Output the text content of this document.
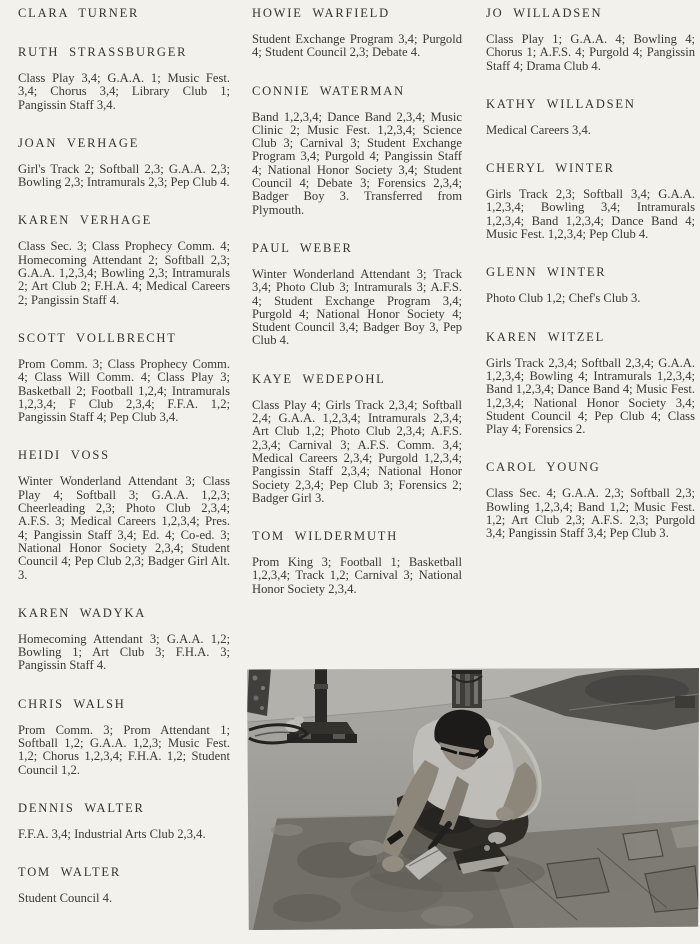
CLARA TURNER

RUTH STRASSBURGER

Class Play 3,4; G.A.A. 1; Music Fest. 3,4; Chorus 3,4; Library Club 1; Pangissin Staff 3,4.

JOAN VERHAGE

Girl's Track 2; Softball 2,3; G.A.A. 2,3; Bowling 2,3; Intramurals 2,3; Pep Club 4.

KAREN VERHAGE

Class Sec. 3; Class Prophecy Comm. 4; Homecoming Attendant 2; Softball 2,3; G.A.A. 1,2,3,4; Bowling 2,3; Intramurals 2; Art Club 2; F.H.A. 4; Medical Careers 2; Pangissin Staff 4.

SCOTT VOLLBRECHT

Prom Comm. 3; Class Prophecy Comm. 4; Class Will Comm. 4; Class Play 3; Basketball 2; Football 1,2,4; Intramurals 1,2,3,4; F Club 2,3,4; F.F.A. 1,2; Pangissin Staff 4; Pep Club 3,4.

HEIDI VOSS

Winter Wonderland Attendant 3; Class Play 4; Softball 3; G.A.A. 1,2,3; Cheerleading 2,3; Photo Club 2,3,4; A.F.S. 3; Medical Careers 1,2,3,4; Pres. 4; Pangissin Staff 3,4; Ed. 4; Co-ed. 3; National Honor Society 2,3,4; Student Council 4; Pep Club 2,3; Badger Girl Alt. 3.

KAREN WADYKA

Homecoming Attendant 3; G.A.A. 1,2; Bowling 1; Art Club 3; F.H.A. 3; Pangissin Staff 4.

CHRIS WALSH

Prom Comm. 3; Prom Attendant 1; Softball 1,2; G.A.A. 1,2,3; Music Fest. 1,2; Chorus 1,2,3,4; F.H.A. 1,2; Student Council 1,2.

DENNIS WALTER

F.F.A. 3,4; Industrial Arts Club 2,3,4.

TOM WALTER

Student Council 4.

HOWIE WARFIELD

Student Exchange Program 3,4; Purgold 4; Student Council 2,3; Debate 4.

CONNIE WATERMAN

Band 1,2,3,4; Dance Band 2,3,4; Music Clinic 2; Music Fest. 1,2,3,4; Science Club 3; Carnival 3; Student Exchange Program 3,4; Purgold 4; Pangissin Staff 4; National Honor Society 3,4; Student Council 4; Debate 3; Forensics 2,3,4; Badger Boy 3. Transferred from Plymouth.

PAUL WEBER

Winter Wonderland Attendant 3; Track 3,4; Photo Club 3; Intramurals 3; A.F.S. 4; Student Exchange Program 3,4; Purgold 4; National Honor Society 4; Student Council 3,4; Badger Boy 3, Pep Club 4.

KAYE WEDEPOHL

Class Play 4; Girls Track 2,3,4; Softball 2,4; G.A.A. 1,2,3,4; Intramurals 2,3,4; Art Club 1,2; Photo Club 2,3,4; A.F.S. 2,3,4; Carnival 3; A.F.S. Comm. 3,4; Medical Careers 2,3,4; Purgold 1,2,3,4; Pangissin Staff 2,3,4; National Honor Society 2,3,4; Pep Club 3; Forensics 2; Badger Girl 3.

TOM WILDERMUTH

Prom King 3; Football 1; Basketball 1,2,3,4; Track 1,2; Carnival 3; National Honor Society 2,3,4.

JO WILLADSEN

Class Play 1; G.A.A. 4; Bowling 4; Chorus 1; A.F.S. 4; Purgold 4; Pangissin Staff 4; Drama Club 4.

KATHY WILLADSEN

Medical Careers 3,4.

CHERYL WINTER

Girls Track 2,3; Softball 3,4; G.A.A. 1,2,3,4; Bowling 3,4; Intramurals 1,2,3,4; Band 1,2,3,4; Dance Band 4; Music Fest. 1,2,3,4; Pep Club 4.

GLENN WINTER

Photo Club 1,2; Chef's Club 3.

KAREN WITZEL

Girls Track 2,3,4; Softball 2,3,4; G.A.A. 1,2,3,4; Bowling 4; Intramurals 1,2,3,4; Band 1,2,3,4; Dance Band 4; Music Fest. 1,2,3,4; National Honor Society 3,4; Student Council 4; Pep Club 4; Class Play 4; Forensics 2.

CAROL YOUNG

Class Sec. 4; G.A.A. 2,3; Softball 2,3; Bowling 1,2,3,4; Band 1,2; Music Fest. 1,2; Art Club 2,3; A.F.S. 2,3; Purgold 3,4; Pangissin Staff 3,4; Pep Club 3.
